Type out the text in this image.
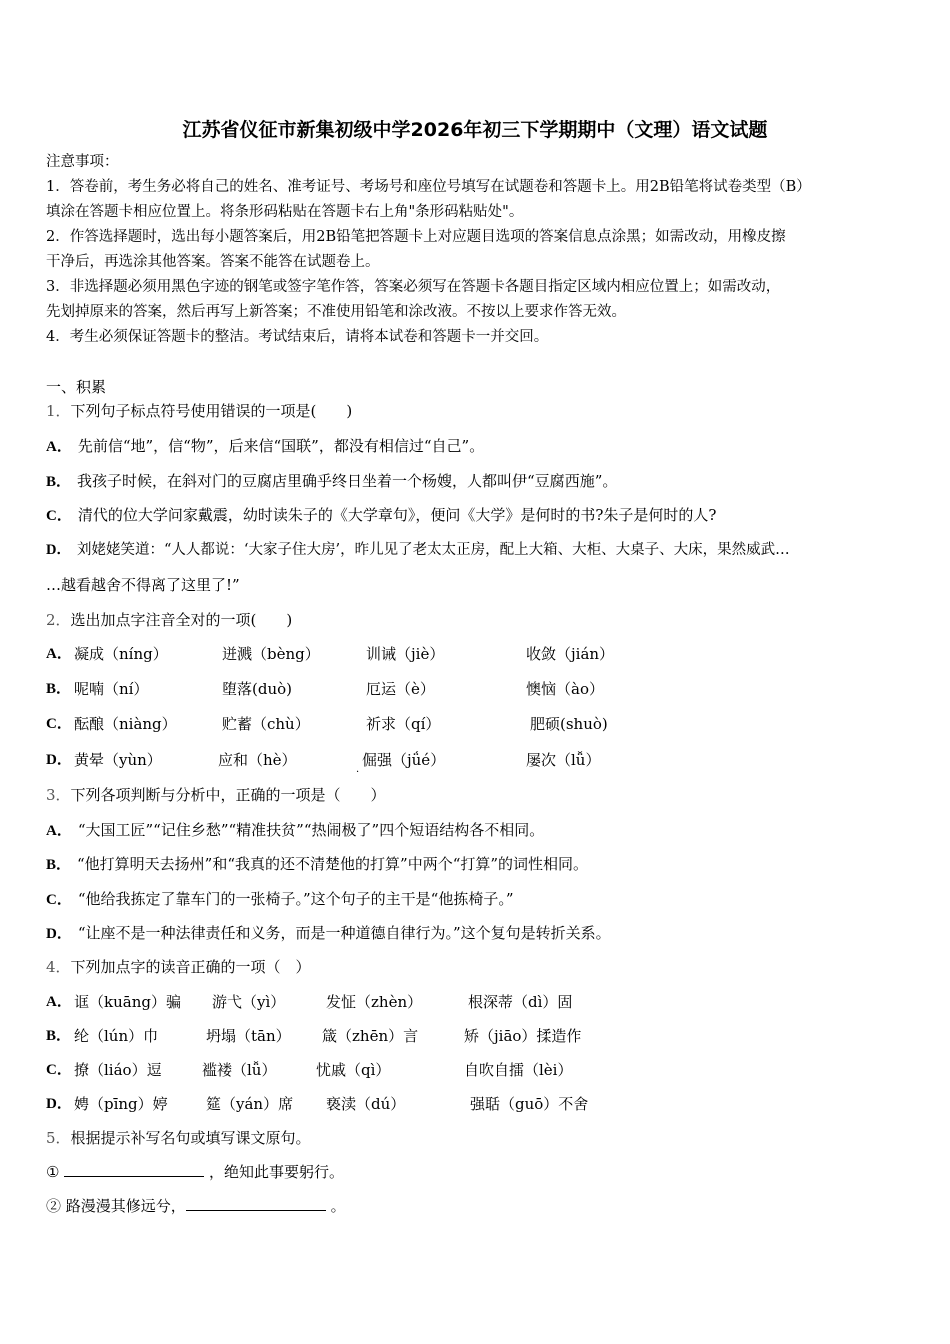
江苏省仪征市新集初级中学2026年初三下学期期中（文理）语文试题
注意事项：
1．答卷前，考生务必将自己的姓名、准考证号、考场号和座位号填写在试题卷和答题卡上。用2B铅笔将试卷类型（B）
填涂在答题卡相应位置上。将条形码粘贴在答题卡右上角"条形码粘贴处"。
2．作答选择题时，选出每小题答案后，用2B铅笔把答题卡上对应题目选项的答案信息点涂黑；如需改动，用橡皮擦
干净后，再选涂其他答案。答案不能答在试题卷上。
3．非选择题必须用黑色字迹的钢笔或签字笔作答，答案必须写在答题卡各题目指定区域内相应位置上；如需改动，
先划掉原来的答案，然后再写上新答案；不准使用铅笔和涂改液。不按以上要求作答无效。
4．考生必须保证答题卡的整洁。考试结束后，请将本试卷和答题卡一并交回。
一、积累
1．下列句子标点符号使用错误的一项是(　　)
A． 先前信“地”，信“物”，后来信“国联”，都没有相信过“自己”。
B． 我孩子时候，在斜对门的豆腐店里确乎终日坐着一个杨嫂，人都叫伊“豆腐西施”。
C． 清代的位大学问家戴震，幼时读朱子的《大学章句》，便问《大学》是何时的书?朱子是何时的人?
D． 刘姥姥笑道：“人人都说：‘大家子住大房’，昨儿见了老太太正房，配上大箱、大柜、大桌子、大床，果然威武…
…越看越舍不得离了这里了!”
2．选出加点字注音全对的一项(　　)
A． 凝成（níng）	迸溅（bèng）	训诫（jiè）	收敛（jián）
B． 呢喃（ní）	堕落(duò)	厄运（è）	懊恼（ào）
C． 酝酿（niàng）	贮蓄（chù）	祈求（qí）	肥硕(shuò)
D． 黄晕（yùn）	应和（hè）	倔强（jǘé）	屡次（lǚ）
·
3．下列各项判断与分析中，正确的一项是（　　）
A． “大国工匠”“记住乡愁”“精准扶贫”“热闹极了”四个短语结构各不相同。
B． “他打算明天去扬州”和“我真的还不清楚他的打算”中两个“打算”的词性相同。
C． “他给我拣定了靠车门的一张椅子。”这个句子的主干是“他拣椅子。”
D． “让座不是一种法律责任和义务，而是一种道德自律行为。”这个复句是转折关系。
4．下列加点字的读音正确的一项（　）
A． 诓（kuāng）骗 游弋（yì）	发怔（zhèn）	根深蒂（dì）固
B． 纶（lún）巾	坍塌（tān） 箴（zhēn）言	矫（jiāo）揉造作
C． 撩（liáo）逗	褴褛（lǚ）	忧戚（qì）	自吹自擂（lèi）
D． 娉（pīng）婷	筵（yán）席 亵渎（dú）	强聒（guō）不舍
5．根据提示补写名句或填写课文原句。
①	，绝知此事要躬行。
② 路漫漫其修远兮，	。
